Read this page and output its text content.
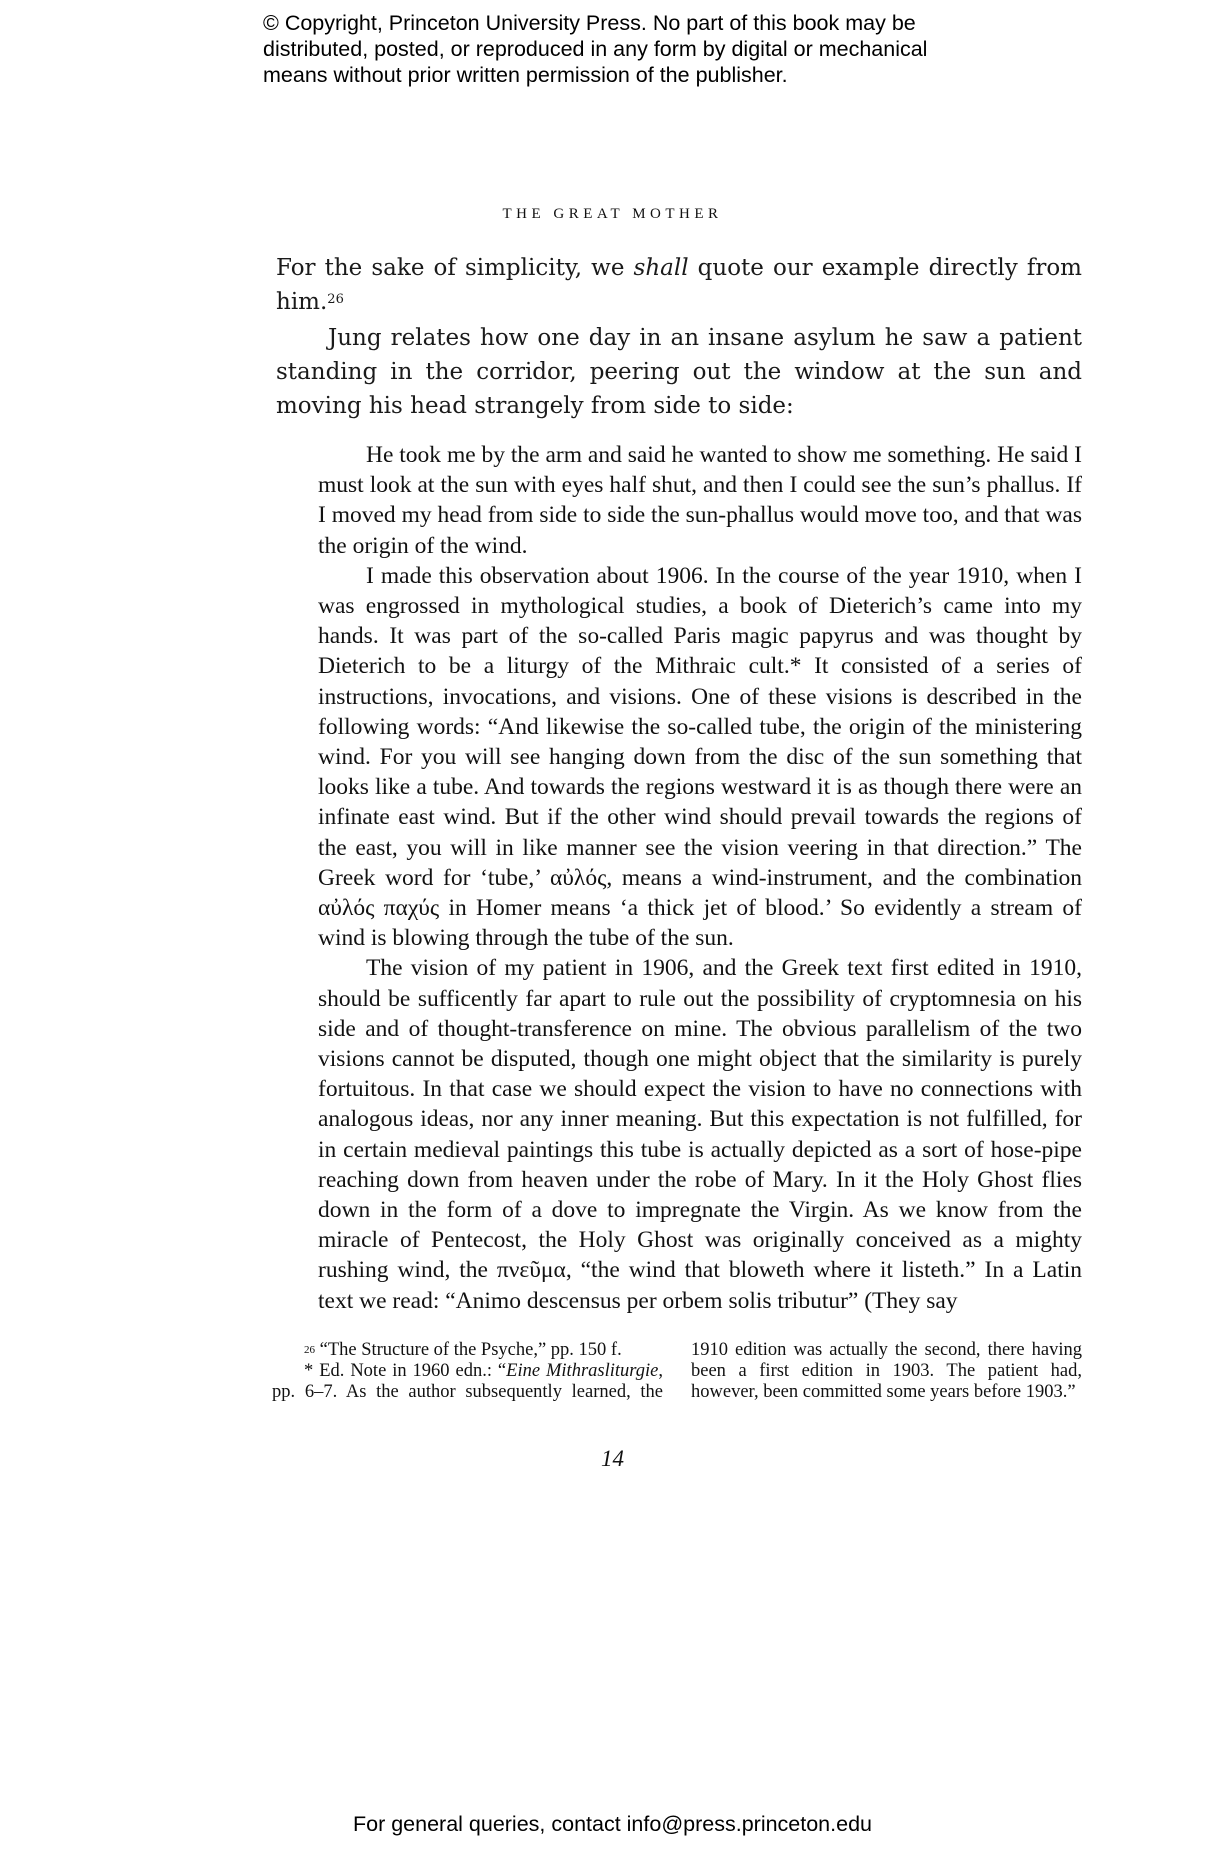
© Copyright, Princeton University Press. No part of this book may be
distributed, posted, or reproduced in any form by digital or mechanical
means without prior written permission of the publisher.
THE GREAT MOTHER

For the sake of simplicity, we shall quote our example directly from him.$^{26}$

Jung relates how one day in an insane asylum he saw a patient standing in the corridor, peering out the window at the sun and moving his head strangely from side to side:

He took me by the arm and said he wanted to show me something. He said I must look at the sun with eyes half shut, and then I could see the sun’s phallus. If I moved my head from side to side the sun-phallus would move too, and that was the origin of the wind.

I made this observation about 1906. In the course of the year 1910, when I was engrossed in mythological studies, a book of Dieterich’s came into my hands. It was part of the so-called Paris magic papyrus and was thought by Dieterich to be a liturgy of the Mithraic cult.* It consisted of a series of instructions, invocations, and visions. One of these visions is described in the following words: “And likewise the so-called tube, the origin of the ministering wind. For you will see hanging down from the disc of the sun something that looks like a tube. And towards the regions westward it is as though there were an infinate east wind. But if the other wind should prevail towards the regions of the east, you will in like manner see the vision veering in that direction.” The Greek word for ‘tube,’ αὐλός, means a wind-instrument, and the combination αὐλός παχύς in Homer means ‘a thick jet of blood.’ So evidently a stream of wind is blowing through the tube of the sun.

The vision of my patient in 1906, and the Greek text first edited in 1910, should be sufficently far apart to rule out the possibility of cryptomnesia on his side and of thought-transference on mine. The obvious parallelism of the two visions cannot be disputed, though one might object that the similarity is purely fortuitous. In that case we should expect the vision to have no connections with analogous ideas, nor any inner meaning. But this expectation is not fulfilled, for in certain medieval paintings this tube is actually depicted as a sort of hose-pipe reaching down from heaven under the robe of Mary. In it the Holy Ghost flies down in the form of a dove to impregnate the Virgin. As we know from the miracle of Pentecost, the Holy Ghost was originally conceived as a mighty rushing wind, the πνεῦμα, “the wind that bloweth where it listeth.” In a Latin text we read: “Animo descensus per orbem solis tributur” (They say

$^{26}$ “The Structure of the Psyche,” pp. 150 f.

* Ed. Note in 1960 edn.: “Eine Mithrasliturgie, pp. 6–7. As the author subsequently learned, the 1910 edition was actually the second, there having been a first edition in 1903. The patient had, however, been committed some years before 1903.”

14
For general queries, contact info@press.princeton.edu
